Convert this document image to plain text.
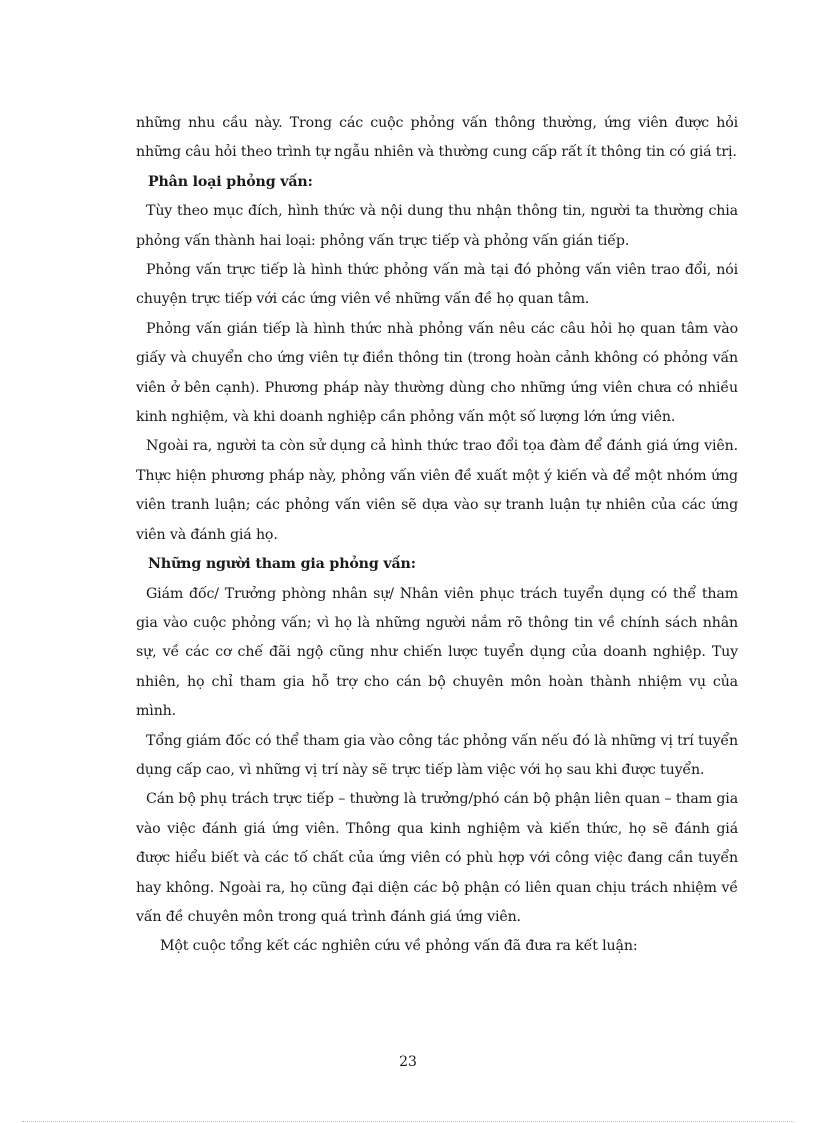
những nhu cầu này. Trong các cuộc phỏng vấn thông thường, ứng viên được hỏi những câu hỏi theo trình tự ngẫu nhiên và thường cung cấp rất ít thông tin có giá trị.

Phân loại phỏng vấn:

Tùy theo mục đích, hình thức và nội dung thu nhận thông tin, người ta thường chia phỏng vấn thành hai loại: phỏng vấn trực tiếp và phỏng vấn gián tiếp.

Phỏng vấn trực tiếp là hình thức phỏng vấn mà tại đó phỏng vấn viên trao đổi, nói chuyện trực tiếp với các ứng viên về những vấn đề họ quan tâm.

Phỏng vấn gián tiếp là hình thức nhà phỏng vấn nêu các câu hỏi họ quan tâm vào giấy và chuyển cho ứng viên tự điền thông tin (trong hoàn cảnh không có phỏng vấn viên ở bên cạnh). Phương pháp này thường dùng cho những ứng viên chưa có nhiều kinh nghiệm, và khi doanh nghiệp cần phỏng vấn một số lượng lớn ứng viên.

Ngoài ra, người ta còn sử dụng cả hình thức trao đổi tọa đàm để đánh giá ứng viên. Thực hiện phương pháp này, phỏng vấn viên đề xuất một ý kiến và để một nhóm ứng viên tranh luận; các phỏng vấn viên sẽ dựa vào sự tranh luận tự nhiên của các ứng viên và đánh giá họ.

Những người tham gia phỏng vấn:

Giám đốc/ Trưởng phòng nhân sự/ Nhân viên phục trách tuyển dụng có thể tham gia vào cuộc phỏng vấn; vì họ là những người nắm rõ thông tin về chính sách nhân sự, về các cơ chế đãi ngộ cũng như chiến lược tuyển dụng của doanh nghiệp. Tuy nhiên, họ chỉ tham gia hỗ trợ cho cán bộ chuyên môn hoàn thành nhiệm vụ của mình.

Tổng giám đốc có thể tham gia vào công tác phỏng vấn nếu đó là những vị trí tuyển dụng cấp cao, vì những vị trí này sẽ trực tiếp làm việc với họ sau khi được tuyển.

Cán bộ phụ trách trực tiếp – thường là trưởng/phó cán bộ phận liên quan – tham gia vào việc đánh giá ứng viên. Thông qua kinh nghiệm và kiến thức, họ sẽ đánh giá được hiểu biết và các tố chất của ứng viên có phù hợp với công việc đang cần tuyển hay không. Ngoài ra, họ cũng đại diện các bộ phận có liên quan chịu trách nhiệm về vấn đề chuyên môn trong quá trình đánh giá ứng viên.

Một cuộc tổng kết các nghiên cứu về phỏng vấn đã đưa ra kết luận:

23
